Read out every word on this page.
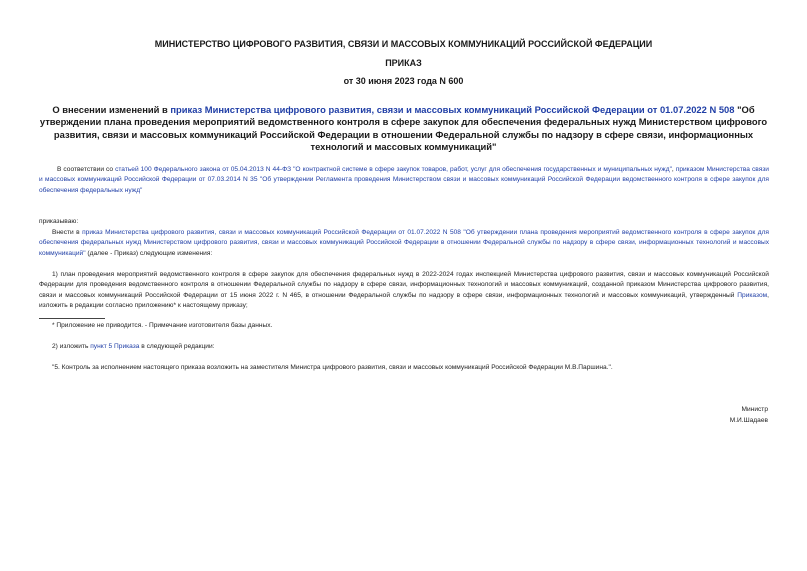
МИНИСТЕРСТВО ЦИФРОВОГО РАЗВИТИЯ, СВЯЗИ И МАССОВЫХ КОММУНИКАЦИЙ РОССИЙСКОЙ ФЕДЕРАЦИИ
ПРИКАЗ
от 30 июня 2023 года N 600
О внесении изменений в приказ Министерства цифрового развития, связи и массовых коммуникаций Российской Федерации от 01.07.2022 N 508 "Об утверждении плана проведения мероприятий ведомственного контроля в сфере закупок для обеспечения федеральных нужд Министерством цифрового развития, связи и массовых коммуникаций Российской Федерации в отношении Федеральной службы по надзору в сфере связи, информационных технологий и массовых коммуникаций"
В соответствии со статьей 100 Федерального закона от 05.04.2013 N 44-ФЗ "О контрактной системе в сфере закупок товаров, работ, услуг для обеспечения государственных и муниципальных нужд", приказом Министерства связи и массовых коммуникаций Российской Федерации от 07.03.2014 N 35 "Об утверждении Регламента проведения Министерством связи и массовых коммуникаций Российской Федерации ведомственного контроля в сфере закупок для обеспечения федеральных нужд"
приказываю:
Внести в приказ Министерства цифрового развития, связи и массовых коммуникаций Российской Федерации от 01.07.2022 N 508 "Об утверждении плана проведения мероприятий ведомственного контроля в сфере закупок для обеспечения федеральных нужд Министерством цифрового развития, связи и массовых коммуникаций Российской Федерации в отношении Федеральной службы по надзору в сфере связи, информационных технологий и массовых коммуникаций" (далее - Приказ) следующие изменения:
1) план проведения мероприятий ведомственного контроля в сфере закупок для обеспечения федеральных нужд в 2022-2024 годах инспекцией Министерства цифрового развития, связи и массовых коммуникаций Российской Федерации для проведения ведомственного контроля в отношении Федеральной службы по надзору в сфере связи, информационных технологий и массовых коммуникаций, созданной приказом Министерства цифрового развития, связи и массовых коммуникаций Российской Федерации от 15 июня 2022 г. N 465, в отношении Федеральной службы по надзору в сфере связи, информационных технологий и массовых коммуникаций, утвержденный Приказом, изложить в редакции согласно приложению* к настоящему приказу;
* Приложение не приводится. - Примечание изготовителя базы данных.
2) изложить пункт 5 Приказа в следующей редакции:
"5. Контроль за исполнением настоящего приказа возложить на заместителя Министра цифрового развития, связи и массовых коммуникаций Российской Федерации М.В.Паршина.".
Министр
М.И.Шадаев
